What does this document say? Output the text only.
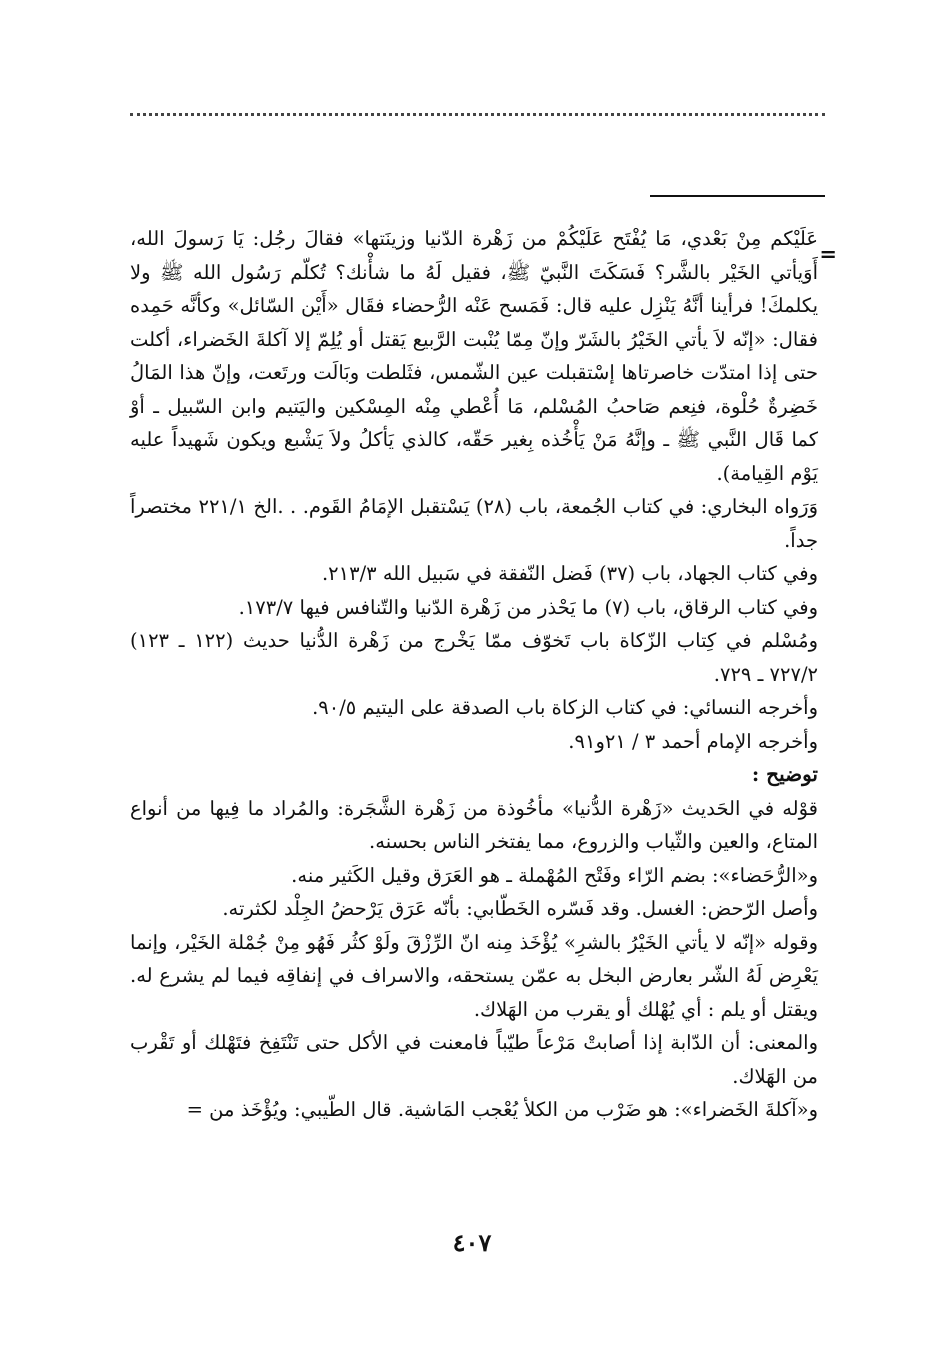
=

عَلَيْكم مِنْ بَعْدي، مَا يُفْتَح عَلَيْكُمْ من زَهْرة الدّنيا وزينَتها» فقالَ رجُل: يَا رَسولَ الله، أَوَيأتي الخَيْر بالشَّر؟ فَسَكَتَ النَّبيّ ﷺ، فقيل لَهُ ما شأْنك؟ تُكلّم رَسُول الله ﷺ ولا يكلمكَ! فرأينا أنَّهُ يَنْزِل عليه قال: فَمَسح عَنْه الرُّحضاء فقَال «أَيْن السّائل» وكأنَّه حَمِده فقال: «إنّه لاَ يأتي الخَيْرُ بالشَرّ وإنّ مِمّا يُنْبت الرَّبيع يَقتل أو يُلِمّ إلا آكلةَ الخَضراء، أكلت حتى إذا امتدّت خاصرتاها إسْتقبلت عين الشّمس، فثَلطت وبَالَت ورتَعت، وإنّ هذا المَالُ خَضِرةٌ حُلْوة، فنِعم صَاحبُ المُسْلم، مَا أُعْطي مِنْه المِسْكين واليَتيم وابن السّبيل ـ أوْ كما قَال النَّبي ﷺ ـ وإنَّهُ مَنْ يَأْخُذه بِغير حَقّه، كالذي يَأكلُ ولاَ يَشْبع ويكون شَهيداً عليه يَوْم القِيامة).

وَرَواه البخاري: في كتاب الجُمعة، باب (٢٨) يَسْتقبل الإمَامُ القَوم. . .الخ ٢٢١/١ مختصراً جداً.

وفي كتاب الجهاد، باب (٣٧) فَضل النّفقة في سَبيل الله ٢١٣/٣.

وفي كتاب الرقاق، باب (٧) ما يَحْذر من زَهْرة الدّنيا والتّنافس فيها ١٧٣/٧.

ومُسْلم في كِتاب الزّكاة باب تَخوّف ممّا يَخْرج من زَهْرة الدُّنيا حديث (١٢٢ ـ ١٢٣) ٧٢٧/٢ ـ ٧٢٩.

وأخرجه النسائي: في كتاب الزكاة باب الصدقة على اليتيم ٩٠/٥.

وأخرجه الإمام أحمد ٣ / ٢١و٩١.

توضيح :

قوْله في الحَديث «زَهْرة الدُّنيا» مأخُوذة من زَهْرة الشَّجَرة: والمُراد ما فِيها من أنواع المتاع، والعين والثّياب والزروع، مما يفتخر الناس بحسنه.

و«الرُّحَضاء»: بضم الرّاء وفَتْح المُهْملة ـ هو العَرَق وقيل الكَثير منه.

وأصل الرّحض: الغسل. وقد فَسّره الخَطّابي: بأنّه عَرَق يَرْحضُ الجِلْد لكثرته.

وقوله «إنّه لا يأتي الخَيْرُ بالشرِ» يُؤْخَذ مِنه انّ الرِّزْقَ ولَوْ كثُر فَهُو مِنْ جُمْلة الخَيْر، وإنما يَعْرِض لَهُ الشّر بعارض البخل به عمّن يستحقه، والاسراف في إنفاقِه فيما لم يشرع له. ويقتل أو يلم : أي يُهْلك أو يقرب من الهَلاك.

والمعنى: أن الدّابة إذا أصابتْ مَرْعاً طيّباً فامعنت في الأكل حتى تَنْتَفِخ فتَهْلك أو تَقْرب من الهَلاك.

و«آكلةَ الخَضراء»: هو ضَرْب من الكلأ يُعْجب المَاشية. قال الطّيبي: ويُؤْخَذ من =

٤٠٧
